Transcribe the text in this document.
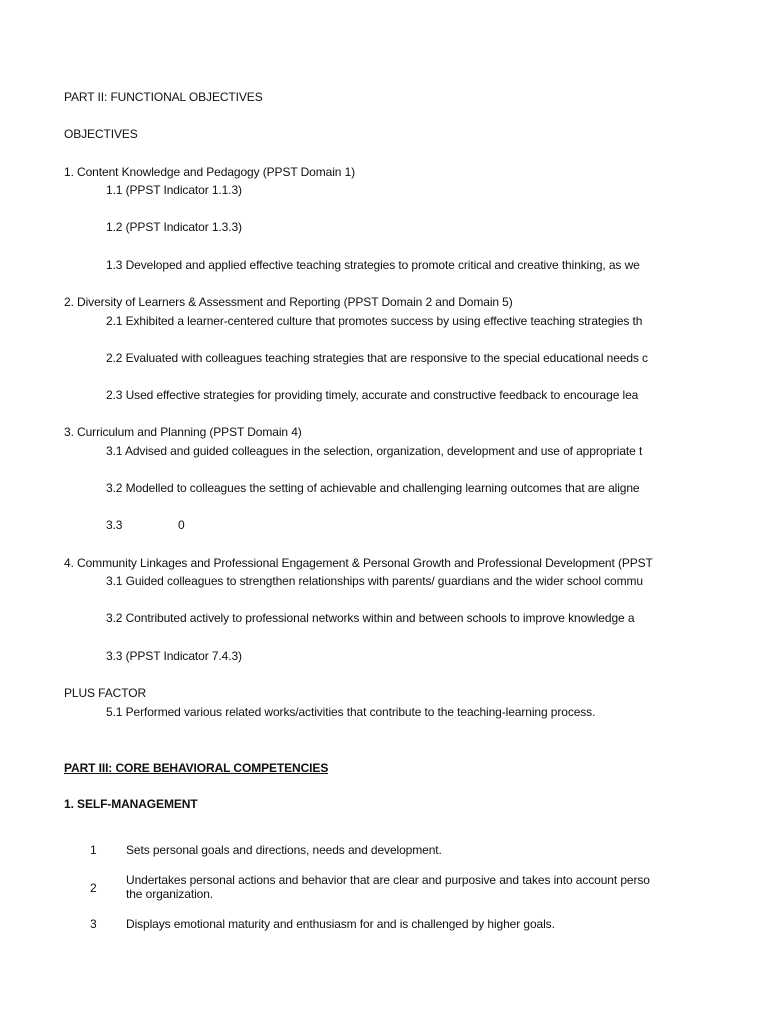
PART II: FUNCTIONAL OBJECTIVES
OBJECTIVES
1. Content Knowledge and Pedagogy (PPST Domain 1)
1.1 (PPST Indicator 1.1.3)
1.2 (PPST Indicator 1.3.3)
1.3 Developed and applied effective teaching strategies to promote critical and creative thinking, as we
2. Diversity of Learners & Assessment and Reporting (PPST Domain 2 and Domain 5)
2.1 Exhibited a learner-centered culture that promotes success by using effective teaching strategies th
2.2 Evaluated with colleagues teaching strategies that are responsive to the special educational needs c
2.3 Used effective strategies for providing timely, accurate and constructive feedback to encourage lea
3. Curriculum and Planning (PPST Domain 4)
3.1 Advised and guided colleagues in the selection, organization, development and use of appropriate t
3.2 Modelled to colleagues the setting of achievable and challenging learning outcomes that are aligne
3.3	0
4. Community Linkages and Professional Engagement & Personal Growth and Professional Development (PPST
3.1 Guided colleagues to strengthen relationships with parents/ guardians and the wider school commu
3.2 Contributed actively to professional networks within and between schools to improve knowledge a
3.3 (PPST Indicator 7.4.3)
PLUS FACTOR
5.1 Performed various related works/activities that contribute to the teaching-learning process.
PART III: CORE BEHAVIORAL COMPETENCIES
1. SELF-MANAGEMENT
1 Sets personal goals and directions, needs and development.
2
Undertakes personal actions and behavior that are clear and purposive and takes into account perso
the organization.
3 Displays emotional maturity and enthusiasm for and is challenged by higher goals.
